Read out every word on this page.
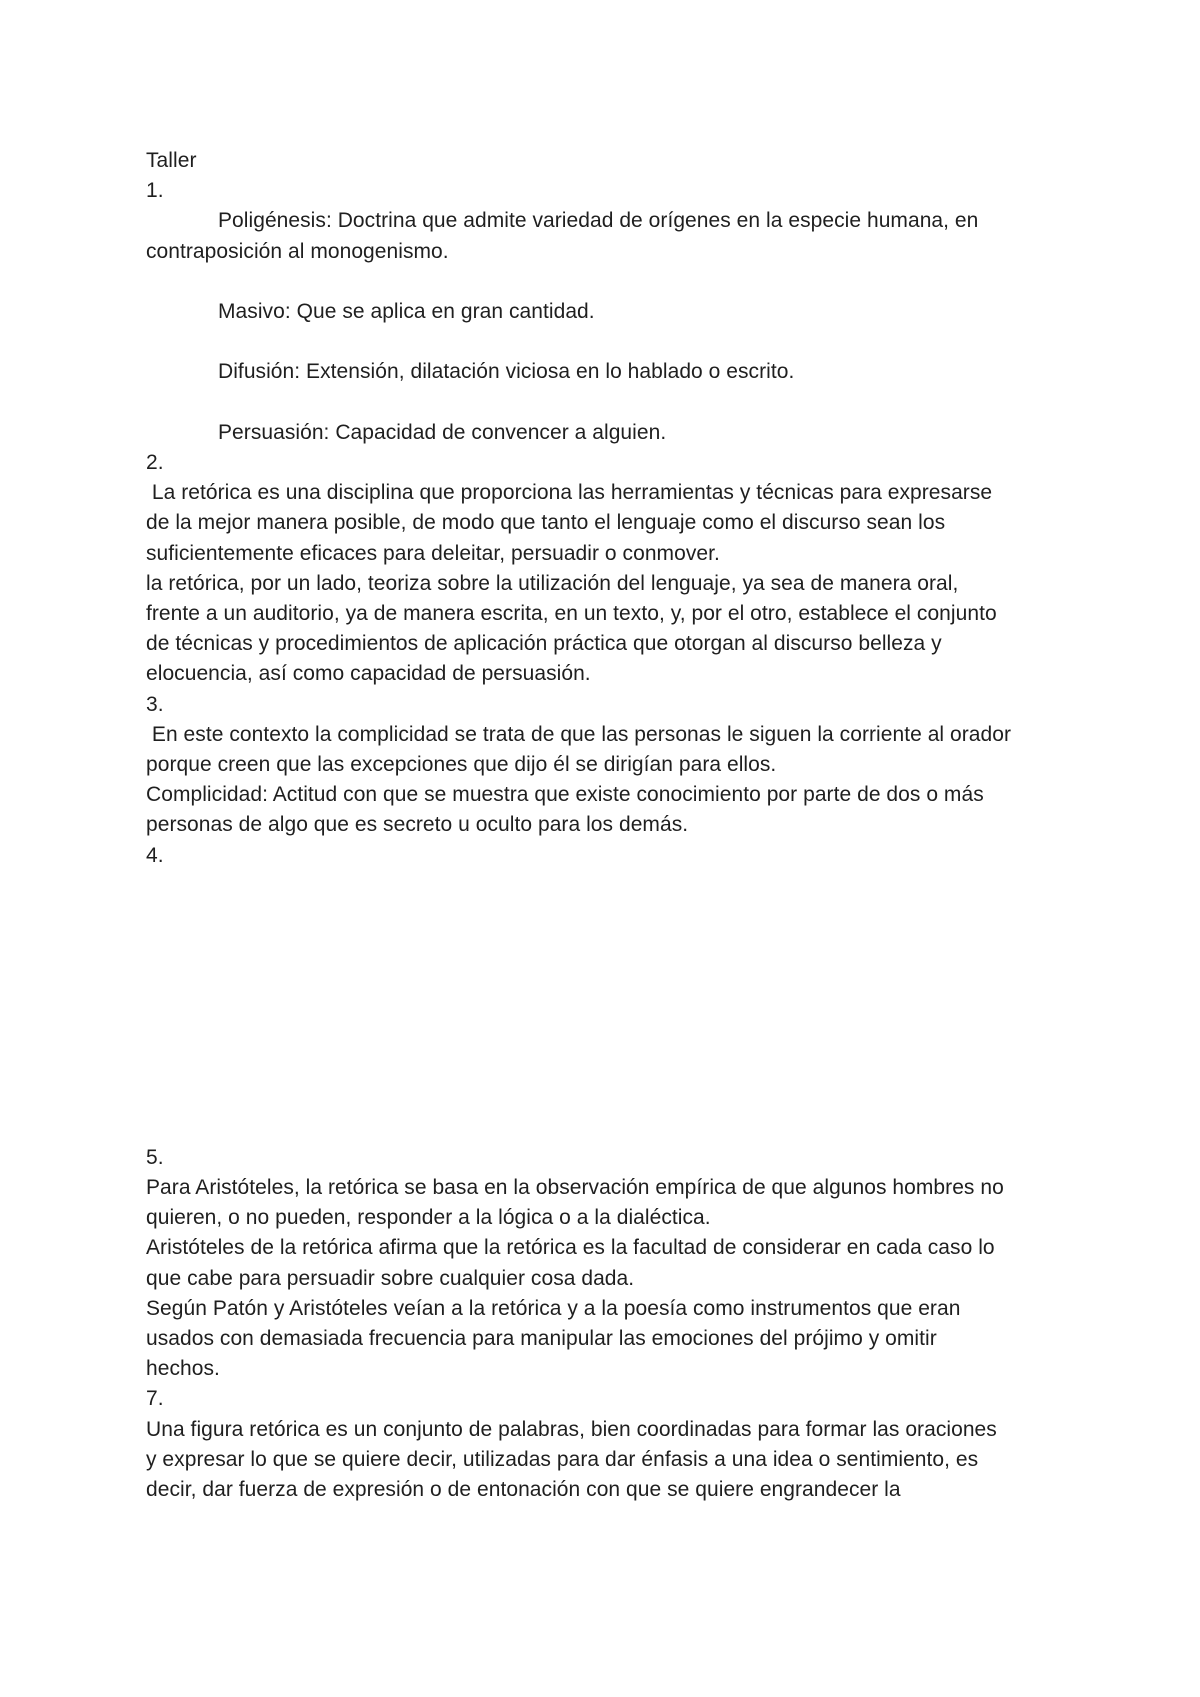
Taller
1.
Poligénesis: Doctrina que admite variedad de orígenes en la especie humana, en
contraposición al monogenismo.
Masivo: Que se aplica en gran cantidad.
Difusión: Extensión, dilatación viciosa en lo hablado o escrito.
Persuasión: Capacidad de convencer a alguien.
2.
La retórica es una disciplina que proporciona las herramientas y técnicas para expresarse
de la mejor manera posible, de modo que tanto el lenguaje como el discurso sean los
suficientemente eficaces para deleitar, persuadir o conmover.
la retórica, por un lado, teoriza sobre la utilización del lenguaje, ya sea de manera oral,
frente a un auditorio, ya de manera escrita, en un texto, y, por el otro, establece el conjunto
de técnicas y procedimientos de aplicación práctica que otorgan al discurso belleza y
elocuencia, así como capacidad de persuasión.
3.
En este contexto la complicidad se trata de que las personas le siguen la corriente al orador
porque creen que las excepciones que dijo él se dirigían para ellos.
Complicidad: Actitud con que se muestra que existe conocimiento por parte de dos o más
personas de algo que es secreto u oculto para los demás.
4.
5.
Para Aristóteles, la retórica se basa en la observación empírica de que algunos hombres no
quieren, o no pueden, responder a la lógica o a la dialéctica.
Aristóteles de la retórica afirma que la retórica es la facultad de considerar en cada caso lo
que cabe para persuadir sobre cualquier cosa dada.
Según Patón y Aristóteles veían a la retórica y a la poesía como instrumentos que eran
usados con demasiada frecuencia para manipular las emociones del prójimo y omitir
hechos.
7.
Una figura retórica es un conjunto de palabras, bien coordinadas para formar las oraciones
y expresar lo que se quiere decir, utilizadas para dar énfasis a una idea o sentimiento, es
decir, dar fuerza de expresión o de entonación con que se quiere engrandecer la
